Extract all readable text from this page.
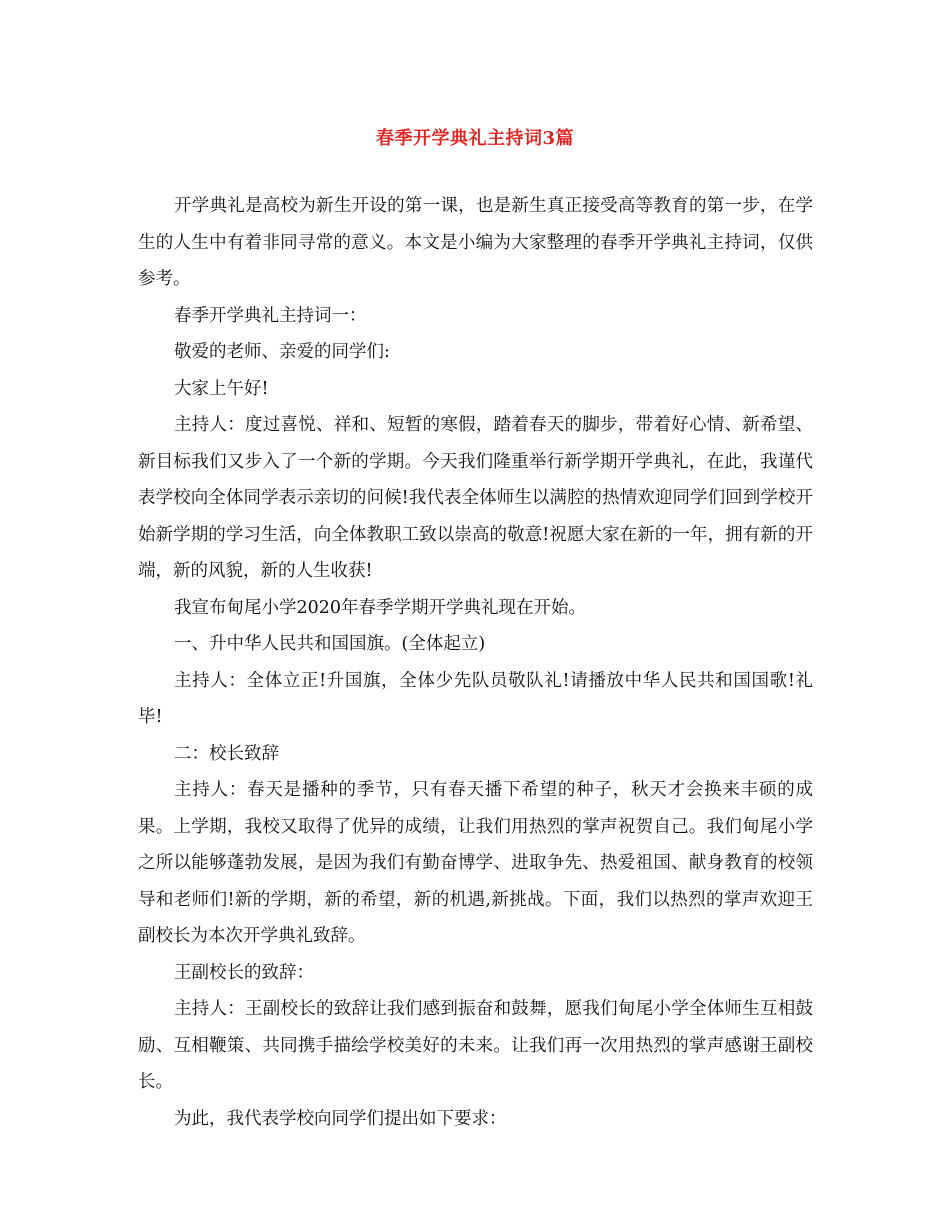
春季开学典礼主持词3篇

开学典礼是高校为新生开设的第一课，也是新生真正接受高等教育的第一步，在学生的人生中有着非同寻常的意义。本文是小编为大家整理的春季开学典礼主持词，仅供参考。

春季开学典礼主持词一：

敬爱的老师、亲爱的同学们:

大家上午好!

主持人：度过喜悦、祥和、短暂的寒假，踏着春天的脚步，带着好心情、新希望、新目标我们又步入了一个新的学期。今天我们隆重举行新学期开学典礼，在此，我谨代表学校向全体同学表示亲切的问候!我代表全体师生以满腔的热情欢迎同学们回到学校开始新学期的学习生活，向全体教职工致以崇高的敬意!祝愿大家在新的一年，拥有新的开端，新的风貌，新的人生收获!

我宣布甸尾小学2020年春季学期开学典礼现在开始。

一、升中华人民共和国国旗。(全体起立)

主持人：全体立正!升国旗，全体少先队员敬队礼!请播放中华人民共和国国歌!礼毕!

二：校长致辞

主持人：春天是播种的季节，只有春天播下希望的种子，秋天才会换来丰硕的成果。上学期，我校又取得了优异的成绩，让我们用热烈的掌声祝贺自己。我们甸尾小学之所以能够蓬勃发展，是因为我们有勤奋博学、进取争先、热爱祖国、献身教育的校领导和老师们!新的学期，新的希望，新的机遇,新挑战。下面，我们以热烈的掌声欢迎王副校长为本次开学典礼致辞。

王副校长的致辞：

主持人：王副校长的致辞让我们感到振奋和鼓舞，愿我们甸尾小学全体师生互相鼓励、互相鞭策、共同携手描绘学校美好的未来。让我们再一次用热烈的掌声感谢王副校长。

为此，我代表学校向同学们提出如下要求：
